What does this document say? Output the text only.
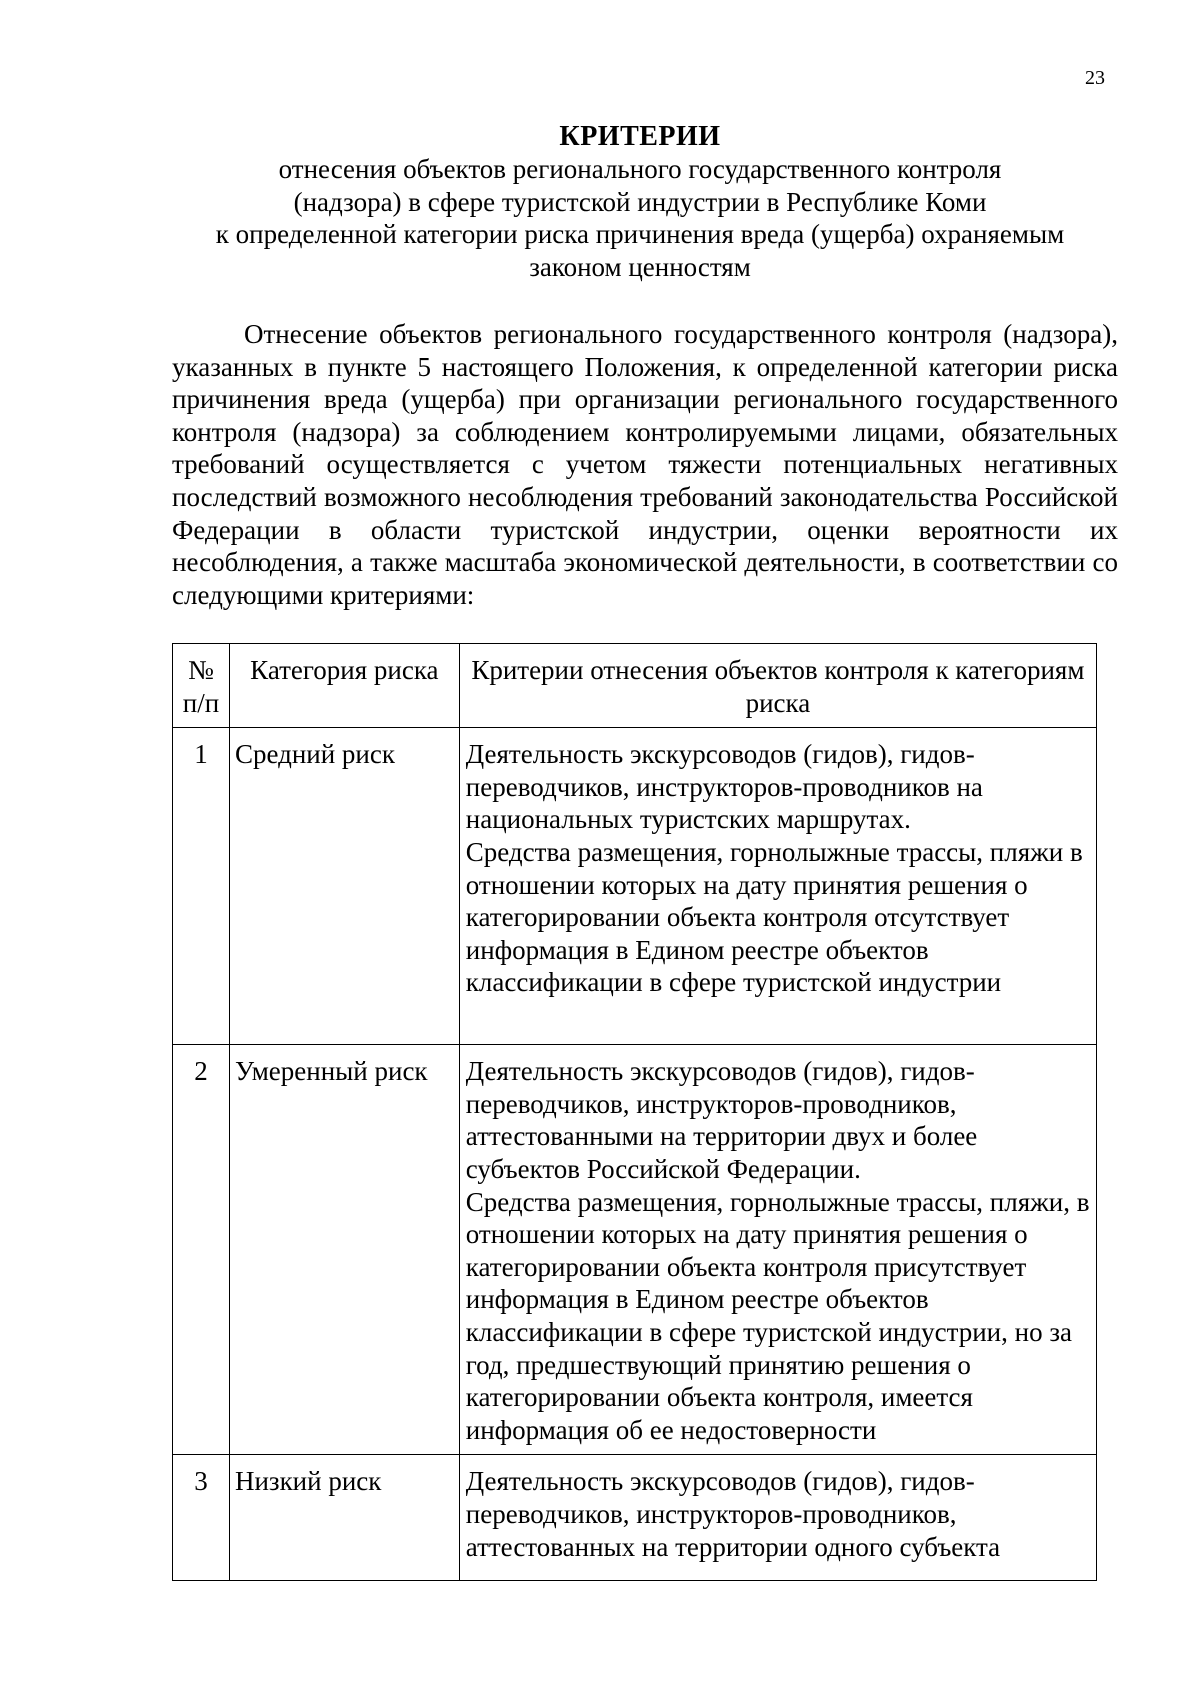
23

КРИТЕРИИ

отнесения объектов регионального государственного контроля

(надзора) в сфере туристской индустрии в Республике Коми

к определенной категории риска причинения вреда (ущерба) охраняемым

законом ценностям

Отнесение объектов регионального государственного контроля (надзора), указанных в пункте 5 настоящего Положения, к определенной категории риска причинения вреда (ущерба) при организации регионального государственного контроля (надзора) за соблюдением контролируемыми лицами, обязательных требований осуществляется с учетом тяжести потенциальных негативных последствий возможного несоблюдения требований законодательства Российской Федерации в области туристской индустрии, оценки вероятности их несоблюдения, а также масштаба экономической деятельности, в соответствии со следующими критериями:

№ п/п	Категория риска	Критерии отнесения объектов контроля к категориям риска
1	Средний риск	Деятельность экскурсоводов (гидов), гидов-переводчиков, инструкторов-проводников на национальных туристских маршрутах.
Средства размещения, горнолыжные трассы, пляжи в отношении которых на дату принятия решения о категорировании объекта контроля отсутствует информация в Едином реестре объектов классификации в сфере туристской индустрии

2	Умеренный риск	Деятельность экскурсоводов (гидов), гидов-переводчиков, инструкторов-проводников, аттестованными на территории двух и более субъектов Российской Федерации.
Средства размещения, горнолыжные трассы, пляжи, в отношении которых на дату принятия решения о категорировании объекта контроля присутствует информация в Едином реестре объектов классификации в сфере туристской индустрии, но за год, предшествующий принятию решения о категорировании объекта контроля, имеется информация об ее недостоверности

3	Низкий риск	Деятельность экскурсоводов (гидов), гидов-переводчиков, инструкторов-проводников, аттестованных на территории одного субъекта
